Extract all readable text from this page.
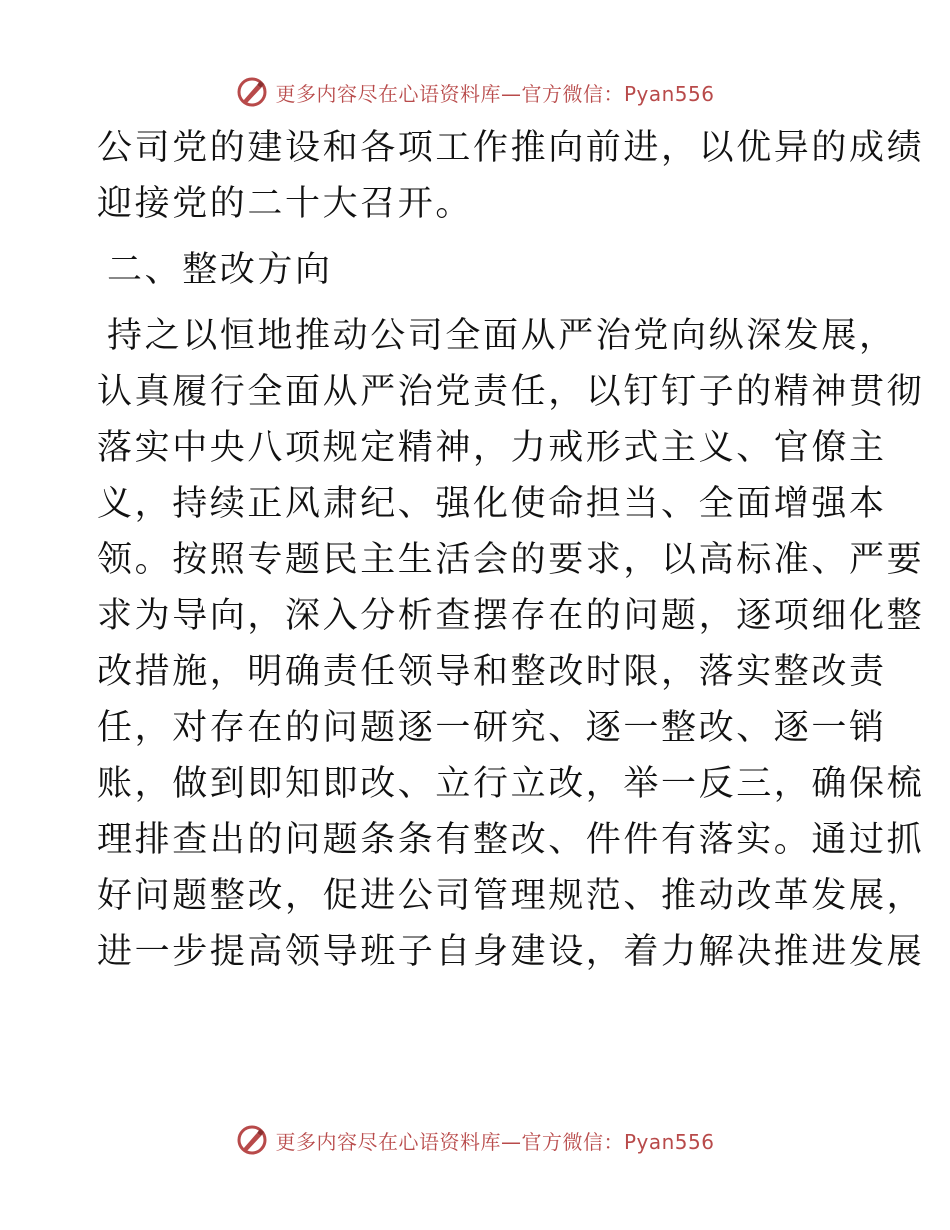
更多内容尽在心语资料库—官方微信：Pyan556
公司党的建设和各项工作推向前进，以优异的成绩
迎接党的二十大召开。
二、整改方向
持之以恒地推动公司全面从严治党向纵深发展，
认真履行全面从严治党责任，以钉钉子的精神贯彻
落实中央八项规定精神，力戒形式主义、官僚主
义，持续正风肃纪、强化使命担当、全面增强本
领。按照专题民主生活会的要求，以高标准、严要
求为导向，深入分析查摆存在的问题，逐项细化整
改措施，明确责任领导和整改时限，落实整改责
任，对存在的问题逐一研究、逐一整改、逐一销
账，做到即知即改、立行立改，举一反三，确保梳
理排查出的问题条条有整改、件件有落实。通过抓
好问题整改，促进公司管理规范、推动改革发展，
进一步提高领导班子自身建设，着力解决推进发展
更多内容尽在心语资料库—官方微信：Pyan556
